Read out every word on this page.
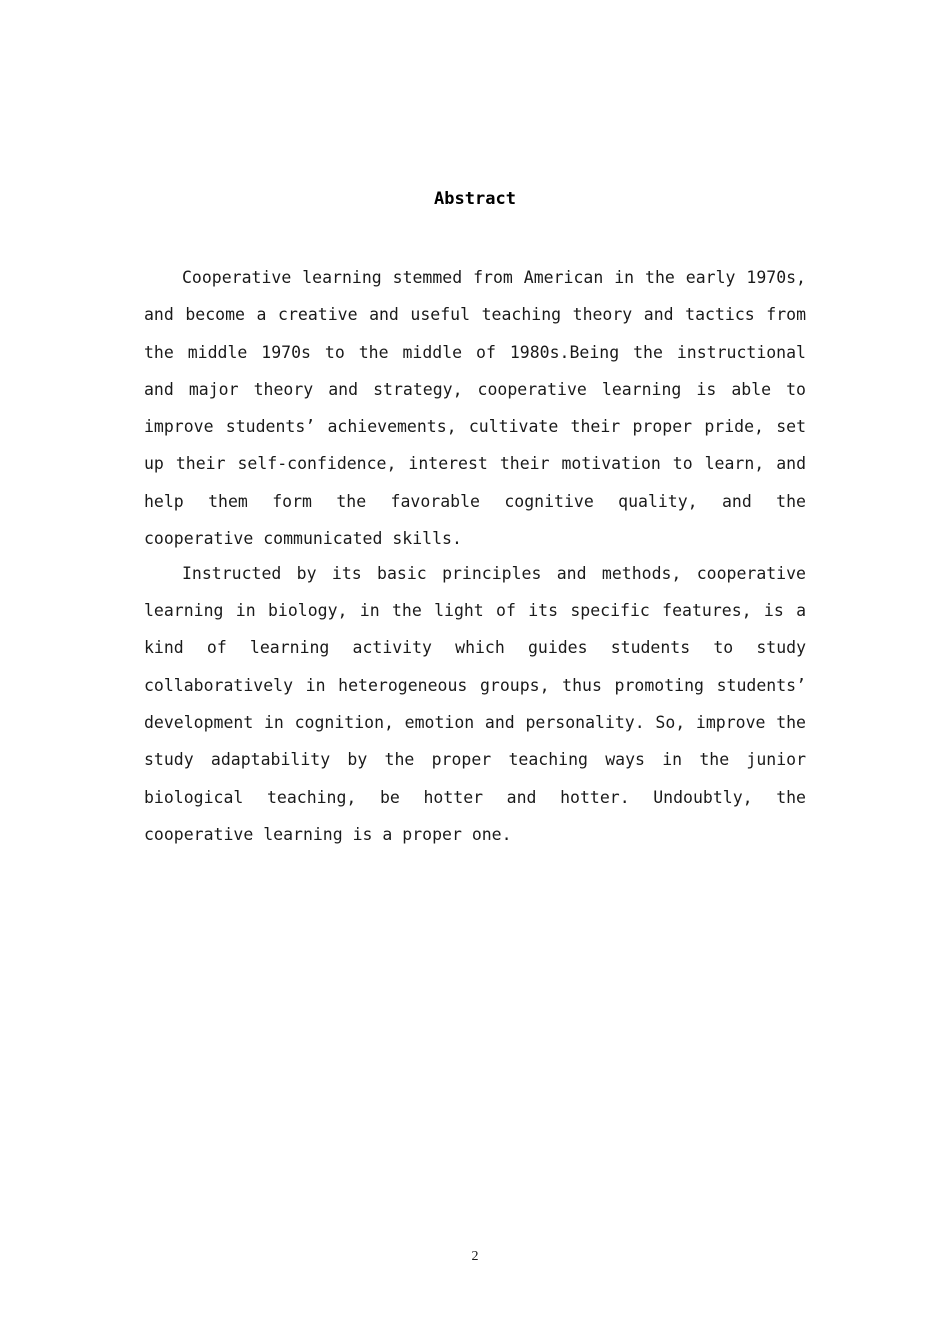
Abstract

Cooperative learning stemmed from American in the early 1970s, and become a creative and useful teaching theory and tactics from the middle 1970s to the middle of 1980s.Being the instructional and major theory and strategy, cooperative learning is able to improve students’ achievements, cultivate their proper pride, set up their self-confidence, interest their motivation to learn, and help them form the favorable cognitive quality, and the cooperative communicated skills.

Instructed by its basic principles and methods, cooperative learning in biology, in the light of its specific features, is a kind of learning activity which guides students to study collaboratively in heterogeneous groups, thus promoting students’ development in cognition, emotion and personality. So, improve the study adaptability by the proper teaching ways in the junior biological teaching, be hotter and hotter. Undoubtly, the cooperative learning is a proper one.

2
